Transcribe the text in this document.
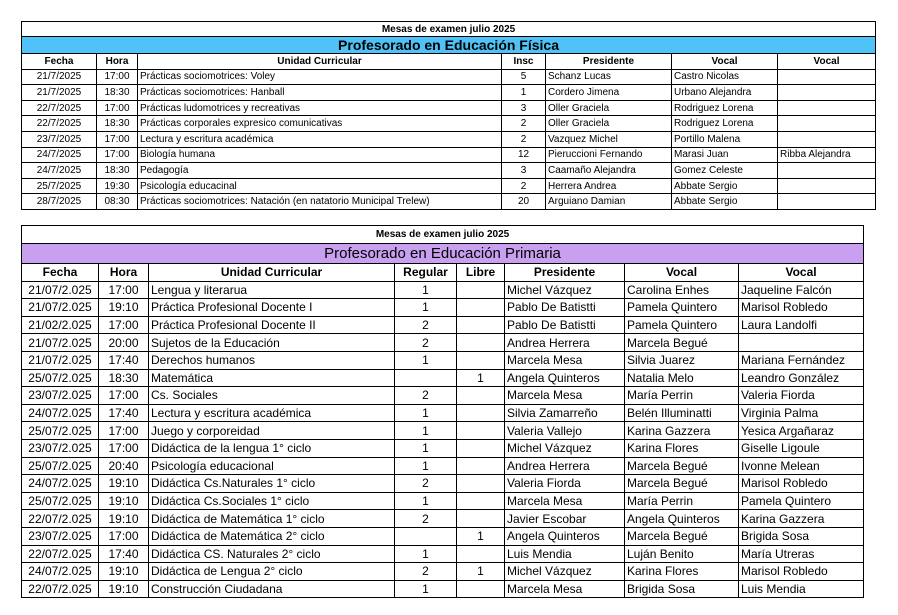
Mesas de examen julio 2025						
Profesorado en Educación Física						
Fecha	Hora	Unidad Curricular	Insc	Presidente	Vocal	Vocal
21/7/2025	17:00	Prácticas sociomotrices: Voley	5	Schanz Lucas	Castro Nicolas	
21/7/2025	18:30	Prácticas sociomotrices: Hanball	1	Cordero Jimena	Urbano Alejandra	
22/7/2025	17:00	Prácticas ludomotrices y recreativas	3	Oller Graciela	Rodriguez Lorena	
22/7/2025	18:30	Prácticas corporales expresico comunicativas	2	Oller Graciela	Rodriguez Lorena	
23/7/2025	17:00	Lectura y escritura académica	2	Vazquez Michel	Portillo Malena	
24/7/2025	17:00	Biología humana	12	Pieruccioni Fernando	Marasi Juan	Ribba Alejandra
24/7/2025	18:30	Pedagogía	3	Caamaño Alejandra	Gomez Celeste	
25/7/2025	19:30	Psicología educacinal	2	Herrera Andrea	Abbate Sergio	
28/7/2025	08:30	Prácticas sociomotrices: Natación (en natatorio Municipal Trelew)	20	Arguiano Damian	Abbate Sergio	
Mesas de examen julio 2025							
Profesorado en Educación Primaria							
Fecha	Hora	Unidad Curricular	Regular	Libre	Presidente	Vocal	Vocal
21/07/2.025	17:00	Lengua y literarua	1		Michel Vázquez	Carolina Enhes	Jaqueline Falcón
21/07/2.025	19:10	Práctica Profesional Docente I	1		Pablo De Batistti	Pamela Quintero	Marisol Robledo
21/02/2.025	17:00	Práctica Profesional Docente II	2		Pablo De Batistti	Pamela Quintero	Laura Landolfi
21/07/2.025	20:00	Sujetos de la Educación	2		Andrea Herrera	Marcela Begué	
21/07/2.025	17:40	Derechos humanos	1		Marcela Mesa	Silvia Juarez	Mariana Fernández
25/07/2.025	18:30	Matemática		1	Angela Quinteros	Natalia Melo	Leandro González
23/07/2.025	17:00	Cs. Sociales	2		Marcela Mesa	María Perrin	Valeria Fiorda
24/07/2.025	17:40	Lectura y escritura académica	1		Silvia Zamarreño	Belén Illuminatti	Virginia Palma
25/07/2.025	17:00	Juego y corporeidad	1		Valeria Vallejo	Karina Gazzera	Yesica Argañaraz
23/07/2.025	17:00	Didáctica de la lengua 1° ciclo	1		Michel Vázquez	Karina Flores	Giselle Ligoule
25/07/2.025	20:40	Psicología educacional	1		Andrea Herrera	Marcela Begué	Ivonne Melean
24/07/2.025	19:10	Didáctica Cs.Naturales 1° ciclo	2		Valeria Fiorda	Marcela Begué	Marisol Robledo
25/07/2.025	19:10	Didáctica Cs.Sociales 1° ciclo	1		Marcela Mesa	María Perrin	Pamela Quintero
22/07/2.025	19:10	Didáctica de Matemática 1° ciclo	2		Javier Escobar	Angela Quinteros	Karina Gazzera
23/07/2.025	17:00	Didáctica de Matemática 2° ciclo		1	Angela Quinteros	Marcela Begué	Brigida Sosa
22/07/2.025	17:40	Didáctica CS. Naturales 2° ciclo	1		Luis Mendia	Luján Benito	María Utreras
24/07/2.025	19:10	Didáctica de Lengua 2° ciclo	2	1	Michel Vázquez	Karina Flores	Marisol Robledo
22/07/2.025	19:10	Construcción Ciudadana	1		Marcela Mesa	Brigida Sosa	Luis Mendia
